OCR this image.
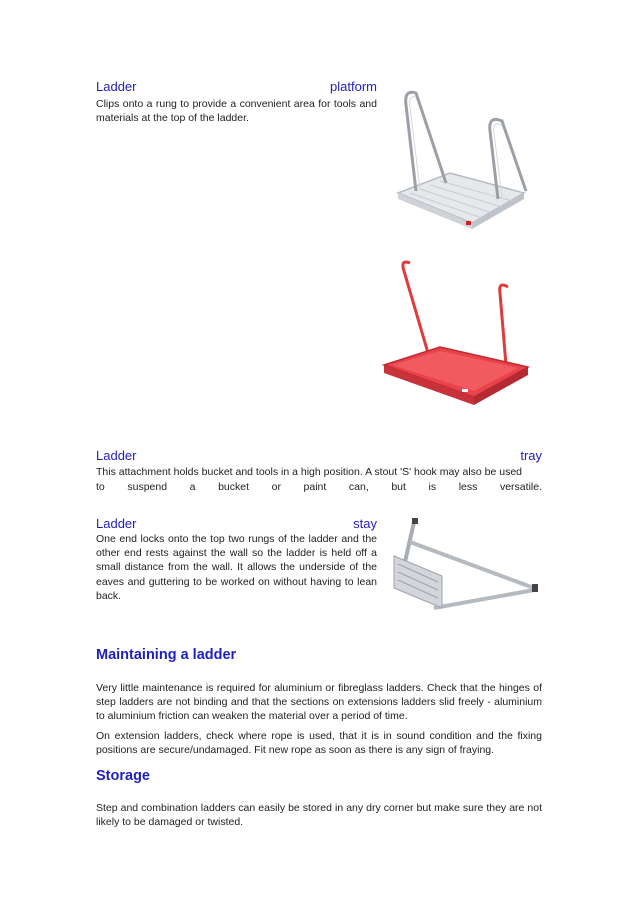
Ladder	platform
Clips onto a rung to provide a convenient area for tools and materials at the top of the ladder.
Ladder	tray
This attachment holds bucket and tools in a high position. A stout 'S' hook may also be used
to suspend a bucket or paint can, but is less versatile.
Ladder	stay
One end locks onto the top two rungs of the ladder and the other end rests against the wall so the ladder is held off a small distance from the wall. It allows the underside of the eaves and guttering to be worked on without having to lean back.
Maintaining a ladder
Very little maintenance is required for aluminium or fibreglass ladders. Check that the hinges of step ladders are not binding and that the sections on extensions ladders slid freely - aluminium to aluminium friction can weaken the material over a period of time.
On extension ladders, check where rope is used, that it is in sound condition and the fixing positions are secure/undamaged. Fit new rope as soon as there is any sign of fraying.
Storage
Step and combination ladders can easily be stored in any dry corner but make sure they are not likely to be damaged or twisted.
